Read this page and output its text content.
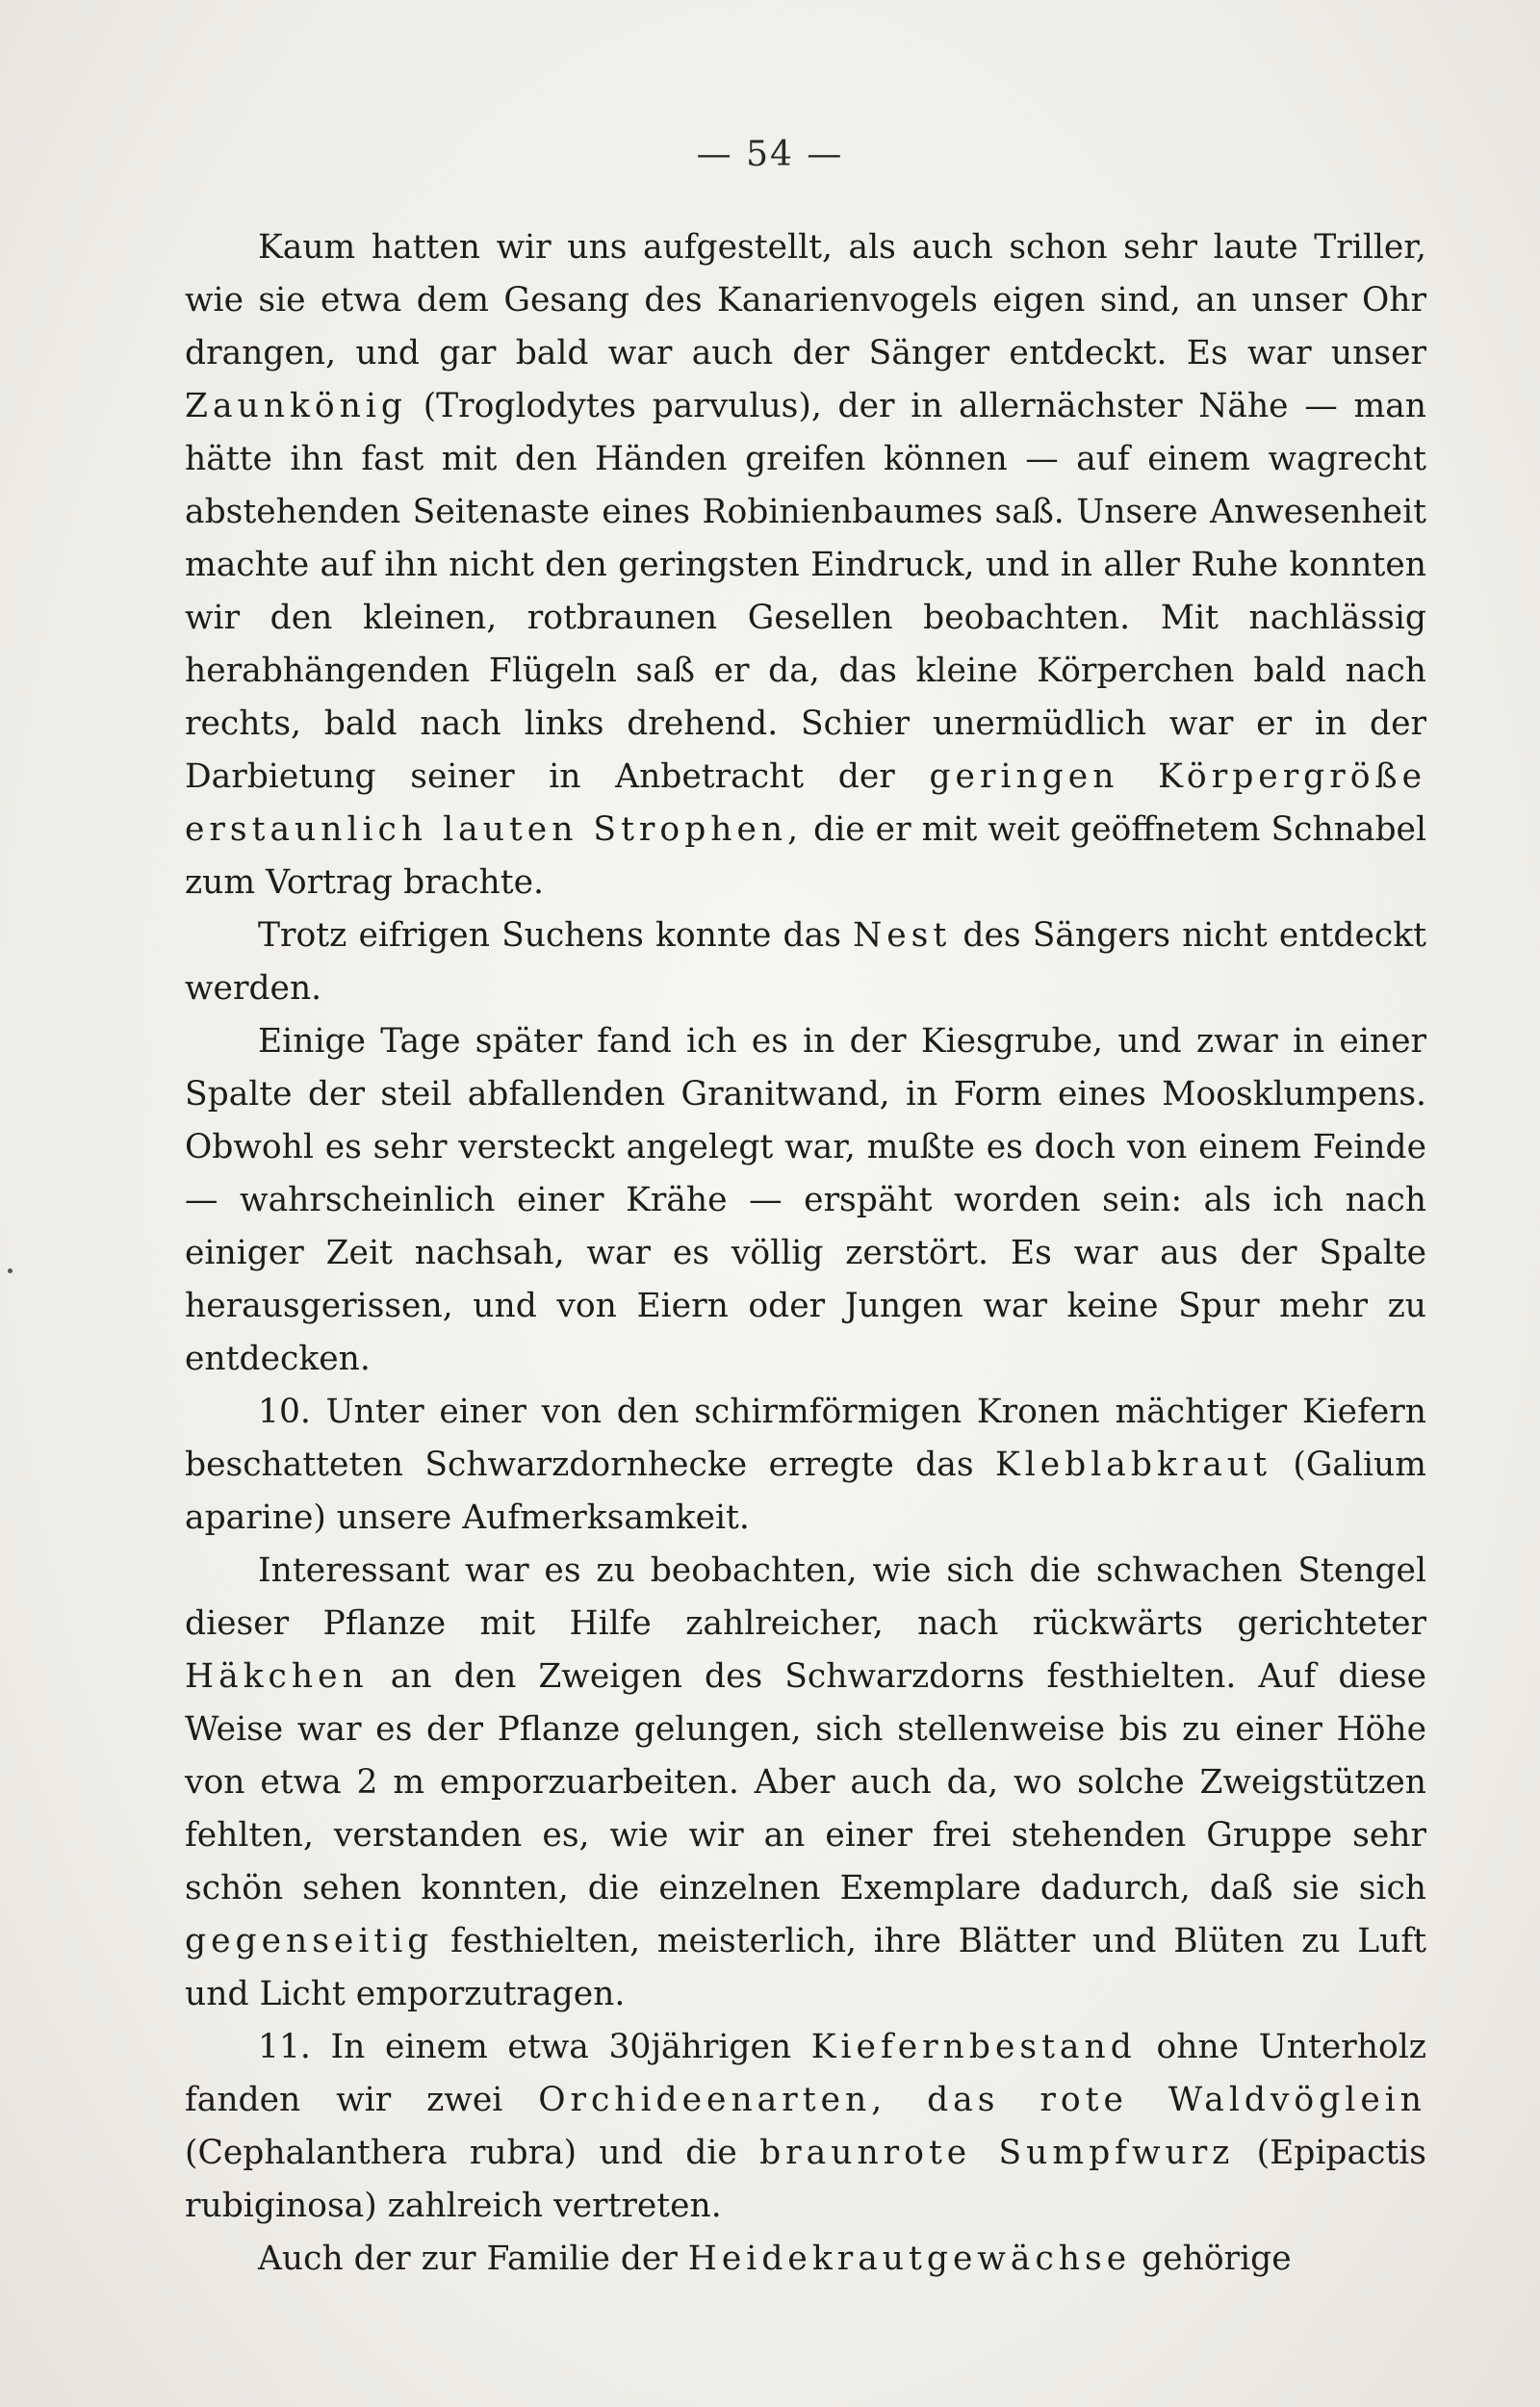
— 54 —

Kaum hatten wir uns aufgestellt, als auch schon sehr laute Triller, wie sie etwa dem Gesang des Kanarienvogels eigen sind, an unser Ohr drangen, und gar bald war auch der Sänger entdeckt. Es war unser Zaunkönig (Troglodytes parvulus), der in allernächster Nähe — man hätte ihn fast mit den Händen greifen können — auf einem wagrecht abstehenden Seitenaste eines Robinienbaumes saß. Unsere Anwesenheit machte auf ihn nicht den geringsten Eindruck, und in aller Ruhe konnten wir den kleinen, rotbraunen Gesellen beobachten. Mit nachlässig herabhängenden Flügeln saß er da, das kleine Körperchen bald nach rechts, bald nach links drehend. Schier unermüdlich war er in der Darbietung seiner in Anbetracht der geringen Körpergröße erstaunlich lauten Strophen, die er mit weit geöffnetem Schnabel zum Vortrag brachte.

Trotz eifrigen Suchens konnte das Nest des Sängers nicht entdeckt werden.

Einige Tage später fand ich es in der Kiesgrube, und zwar in einer Spalte der steil abfallenden Granitwand, in Form eines Moosklumpens. Obwohl es sehr versteckt angelegt war, mußte es doch von einem Feinde — wahrscheinlich einer Krähe — erspäht worden sein: als ich nach einiger Zeit nachsah, war es völlig zerstört. Es war aus der Spalte herausgerissen, und von Eiern oder Jungen war keine Spur mehr zu entdecken.

10. Unter einer von den schirmförmigen Kronen mächtiger Kiefern beschatteten Schwarzdornhecke erregte das Kleblabkraut (Galium aparine) unsere Aufmerksamkeit.

Interessant war es zu beobachten, wie sich die schwachen Stengel dieser Pflanze mit Hilfe zahlreicher, nach rückwärts gerichteter Häkchen an den Zweigen des Schwarzdorns festhielten. Auf diese Weise war es der Pflanze gelungen, sich stellenweise bis zu einer Höhe von etwa 2 m emporzuarbeiten. Aber auch da, wo solche Zweigstützen fehlten, verstanden es, wie wir an einer frei stehenden Gruppe sehr schön sehen konnten, die einzelnen Exemplare dadurch, daß sie sich gegenseitig festhielten, meisterlich, ihre Blätter und Blüten zu Luft und Licht emporzutragen.

11. In einem etwa 30jährigen Kiefernbestand ohne Unterholz fanden wir zwei Orchideenarten, das rote Waldvöglein (Cephalanthera rubra) und die braunrote Sumpfwurz (Epipactis rubiginosa) zahlreich vertreten.

Auch der zur Familie der Heidekrautgewächse gehörige
